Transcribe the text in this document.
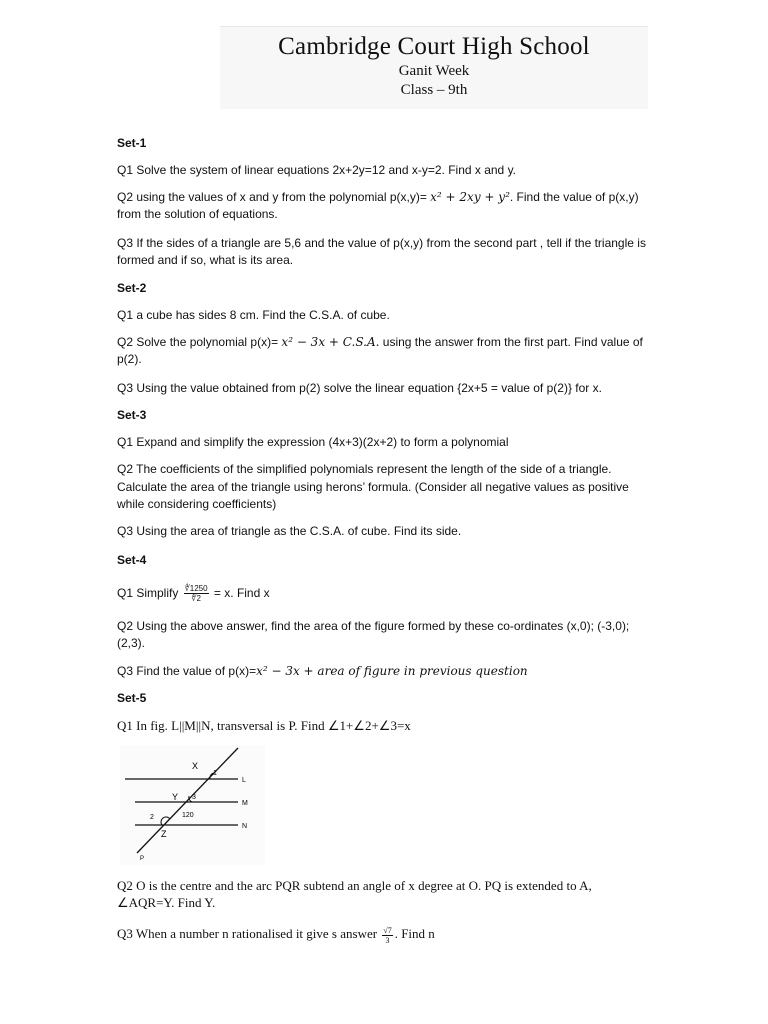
Cambridge Court High School
Ganit Week
Class – 9th
Set-1
Q1 Solve the system of linear equations 2x+2y=12 and x-y=2. Find x and y.
Q2 using the values of x and y from the polynomial p(x,y)= x² + 2xy + y². Find the value of p(x,y)
from the solution of equations.
Q3 If the sides of a triangle are 5,6 and the value of p(x,y) from the second part , tell if the triangle is
formed and if so, what is its area.
Set-2
Q1 a cube has sides 8 cm. Find the C.S.A. of cube.
Q2 Solve the polynomial p(x)= x² − 3x + C.S.A. using the answer from the first part. Find value of
p(2).
Q3 Using the value obtained from p(2) solve the linear equation {2x+5 = value of p(2)} for x.
Set-3
Q1 Expand and simplify the expression (4x+3)(2x+2) to form a polynomial
Q2 The coefficients of the simplified polynomials represent the length of the side of a triangle.
Calculate the area of the triangle using herons’ formula. (Consider all negative values as positive
while considering coefficients)
Q3 Using the area of triangle as the C.S.A. of cube. Find its side.
Set-4
Q1 Simplify $\frac{∜1250}{∜2} = x$. Find x
Q2 Using the above answer, find the area of the figure formed by these co-ordinates (x,0); (-3,0);
(2,3).
Q3 Find the value of p(x)=x² − 3x + area of figure in previous question
Set-5
Q1 In fig. L||M||N, transversal is P. Find ∠1+∠2+∠3=x
X
1
L
Y 3
M
2	120
N
Z
P
Q2 O is the centre and the arc PQR subtend an angle of x degree at O. PQ is extended to A,
∠AQR=Y. Find Y.
Q3 When a number n rationalised it give s answer $\frac{√7}{3}$ . Find n
